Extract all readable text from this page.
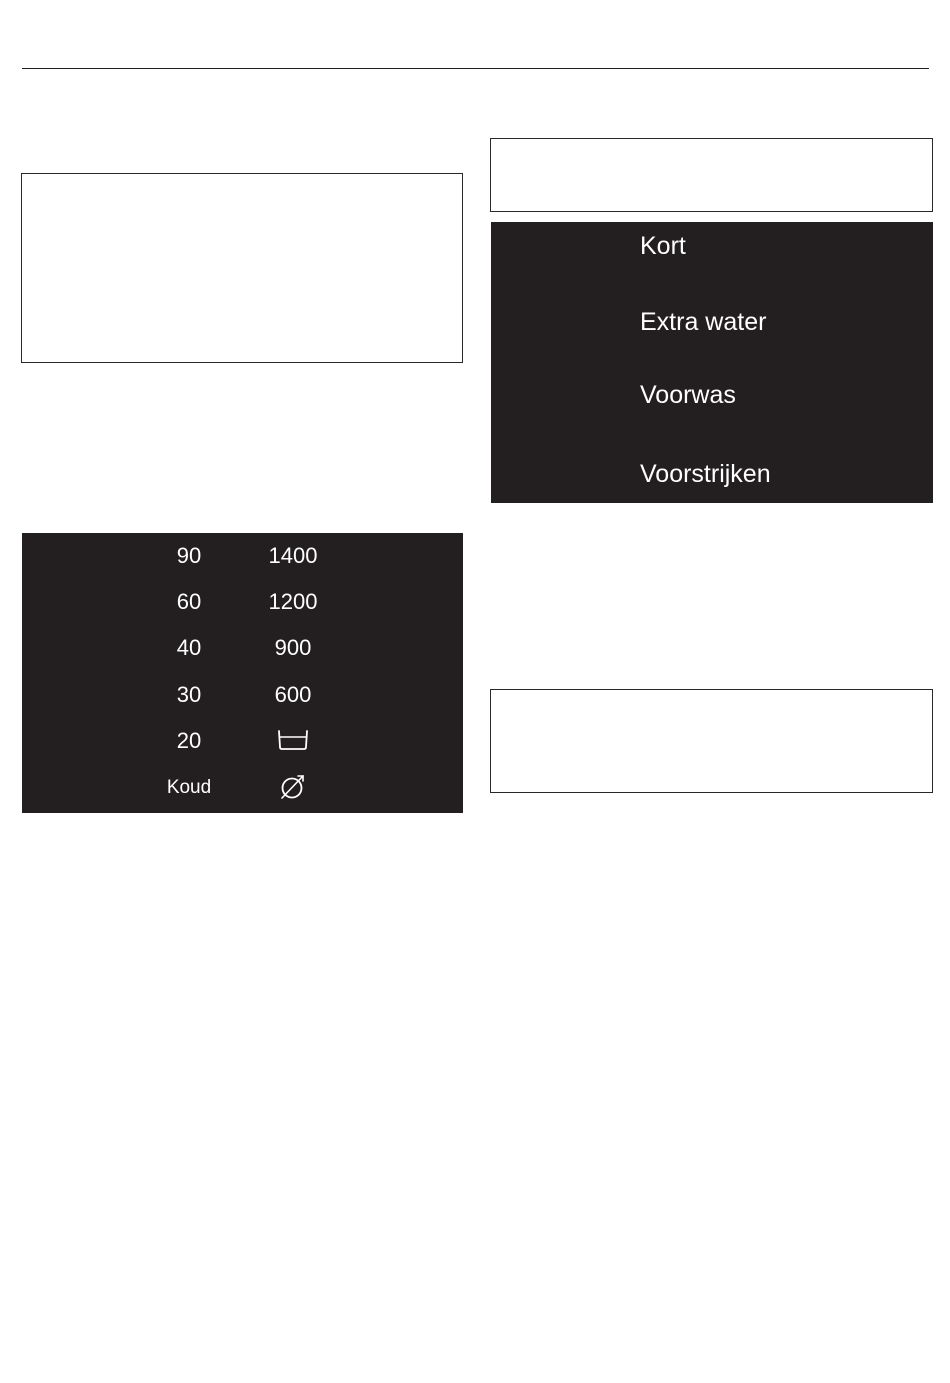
Kort
Extra water
Voorwas
Voorstrijken
90
60
40
30
20
Koud
1400
1200
900
600
